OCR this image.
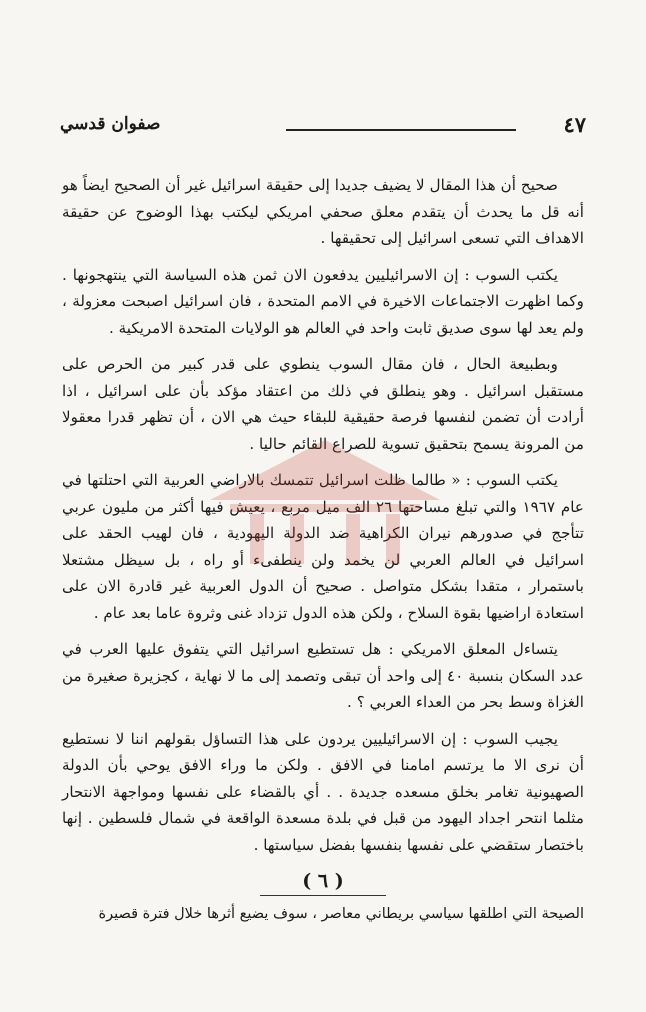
٤٧
صفوان قدسي

صحيح أن هذا المقال لا يضيف جديدا إلى حقيقة اسرائيل غير أن الصحيح ايضاً هو أنه قل ما يحدث أن يتقدم معلق صحفي امريكي ليكتب بهذا الوضوح عن حقيقة الاهداف التي تسعى اسرائيل إلى تحقيقها .

يكتب السوب : إن الاسرائيليين يدفعون الان ثمن هذه السياسة التي ينتهجونها . وكما اظهرت الاجتماعات الاخيرة في الامم المتحدة ، فان اسرائيل اصبحت معزولة ، ولم يعد لها سوى صديق ثابت واحد في العالم هو الولايات المتحدة الامريكية .

وبطبيعة الحال ، فان مقال السوب ينطوي على قدر كبير من الحرص على مستقبل اسرائيل . وهو ينطلق في ذلك من اعتقاد مؤكد بأن على اسرائيل ، اذا أرادت أن تضمن لنفسها فرصة حقيقية للبقاء حيث هي الان ، أن تظهر قدرا معقولا من المرونة يسمح بتحقيق تسوية للصراع القائم حاليا .

يكتب السوب : « طالما ظلت اسرائيل تتمسك بالاراضي العربية التي احتلتها في عام ١٩٦٧ والتي تبلغ مساحتها ٢٦ الف ميل مربع ، يعيش فيها أكثر من مليون عربي تتأجج في صدورهم نيران الكراهية ضد الدولة اليهودية ، فان لهيب الحقد على اسرائيل في العالم العربي لن يخمد ولن ينطفىء أو راه ، بل سيظل مشتعلا باستمرار ، متقدا بشكل متواصل . صحيح أن الدول العربية غير قادرة الان على استعادة اراضيها بقوة السلاح ، ولكن هذه الدول تزداد غنى وثروة عاما بعد عام .

يتساءل المعلق الامريكي : هل تستطيع اسرائيل التي يتفوق عليها العرب في عدد السكان بنسبة ٤٠ إلى واحد أن تبقى وتصمد إلى ما لا نهاية ، كجزيرة صغيرة من الغزاة وسط بحر من العداء العربي ؟ .

يجيب السوب : إن الاسرائيليين يردون على هذا التساؤل بقولهم اننا لا نستطيع أن نرى الا ما يرتسم امامنا في الافق . ولكن ما وراء الافق يوحي بأن الدولة الصهيونية تغامر بخلق مسعده جديدة . . أي بالقضاء على نفسها ومواجهة الانتحار مثلما انتحر اجداد اليهود من قبل في بلدة مسعدة الواقعة في شمال فلسطين . إنها باختصار ستقضي على نفسها بنفسها بفضل سياستها .

( ٦ )
الصيحة التي اطلقها سياسي بريطاني معاصر ، سوف يضيع أثرها خلال فترة قصيرة
